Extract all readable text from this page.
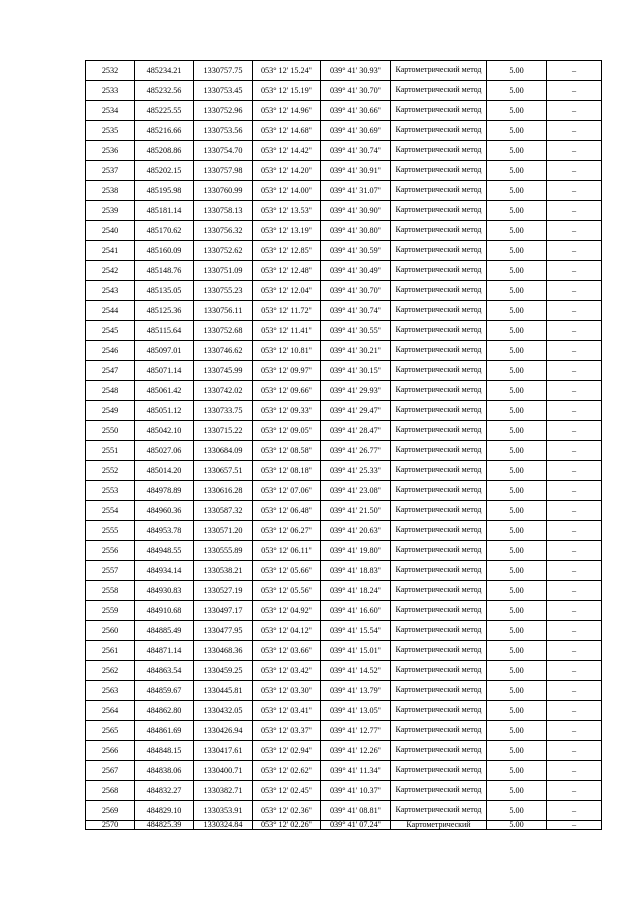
2532	485234.21	1330757.75	053° 12' 15.24"	039° 41' 30.93"	Картометрический метод	5.00	–
2533	485232.56	1330753.45	053° 12' 15.19"	039° 41' 30.70"	Картометрический метод	5.00	–
2534	485225.55	1330752.96	053° 12' 14.96"	039° 41' 30.66"	Картометрический метод	5.00	–
2535	485216.66	1330753.56	053° 12' 14.68"	039° 41' 30.69"	Картометрический метод	5.00	–
2536	485208.86	1330754.70	053° 12' 14.42"	039° 41' 30.74"	Картометрический метод	5.00	–
2537	485202.15	1330757.98	053° 12' 14.20"	039° 41' 30.91"	Картометрический метод	5.00	–
2538	485195.98	1330760.99	053° 12' 14.00"	039° 41' 31.07"	Картометрический метод	5.00	–
2539	485181.14	1330758.13	053° 12' 13.53"	039° 41' 30.90"	Картометрический метод	5.00	–
2540	485170.62	1330756.32	053° 12' 13.19"	039° 41' 30.80"	Картометрический метод	5.00	–
2541	485160.09	1330752.62	053° 12' 12.85"	039° 41' 30.59"	Картометрический метод	5.00	–
2542	485148.76	1330751.09	053° 12' 12.48"	039° 41' 30.49"	Картометрический метод	5.00	–
2543	485135.05	1330755.23	053° 12' 12.04"	039° 41' 30.70"	Картометрический метод	5.00	–
2544	485125.36	1330756.11	053° 12' 11.72"	039° 41' 30.74"	Картометрический метод	5.00	–
2545	485115.64	1330752.68	053° 12' 11.41"	039° 41' 30.55"	Картометрический метод	5.00	–
2546	485097.01	1330746.62	053° 12' 10.81"	039° 41' 30.21"	Картометрический метод	5.00	–
2547	485071.14	1330745.99	053° 12' 09.97"	039° 41' 30.15"	Картометрический метод	5.00	–
2548	485061.42	1330742.02	053° 12' 09.66"	039° 41' 29.93"	Картометрический метод	5.00	–
2549	485051.12	1330733.75	053° 12' 09.33"	039° 41' 29.47"	Картометрический метод	5.00	–
2550	485042.10	1330715.22	053° 12' 09.05"	039° 41' 28.47"	Картометрический метод	5.00	–
2551	485027.06	1330684.09	053° 12' 08.58"	039° 41' 26.77"	Картометрический метод	5.00	–
2552	485014.20	1330657.51	053° 12' 08.18"	039° 41' 25.33"	Картометрический метод	5.00	–
2553	484978.89	1330616.28	053° 12' 07.06"	039° 41' 23.08"	Картометрический метод	5.00	–
2554	484960.36	1330587.32	053° 12' 06.48"	039° 41' 21.50"	Картометрический метод	5.00	–
2555	484953.78	1330571.20	053° 12' 06.27"	039° 41' 20.63"	Картометрический метод	5.00	–
2556	484948.55	1330555.89	053° 12' 06.11"	039° 41' 19.80"	Картометрический метод	5.00	–
2557	484934.14	1330538.21	053° 12' 05.66"	039° 41' 18.83"	Картометрический метод	5.00	–
2558	484930.83	1330527.19	053° 12' 05.56"	039° 41' 18.24"	Картометрический метод	5.00	–
2559	484910.68	1330497.17	053° 12' 04.92"	039° 41' 16.60"	Картометрический метод	5.00	–
2560	484885.49	1330477.95	053° 12' 04.12"	039° 41' 15.54"	Картометрический метод	5.00	–
2561	484871.14	1330468.36	053° 12' 03.66"	039° 41' 15.01"	Картометрический метод	5.00	–
2562	484863.54	1330459.25	053° 12' 03.42"	039° 41' 14.52"	Картометрический метод	5.00	–
2563	484859.67	1330445.81	053° 12' 03.30"	039° 41' 13.79"	Картометрический метод	5.00	–
2564	484862.80	1330432.05	053° 12' 03.41"	039° 41' 13.05"	Картометрический метод	5.00	–
2565	484861.69	1330426.94	053° 12' 03.37"	039° 41' 12.77"	Картометрический метод	5.00	–
2566	484848.15	1330417.61	053° 12' 02.94"	039° 41' 12.26"	Картометрический метод	5.00	–
2567	484838.06	1330400.71	053° 12' 02.62"	039° 41' 11.34"	Картометрический метод	5.00	–
2568	484832.27	1330382.71	053° 12' 02.45"	039° 41' 10.37"	Картометрический метод	5.00	–
2569	484829.10	1330353.91	053° 12' 02.36"	039° 41' 08.81"	Картометрический метод	5.00	–
2570	484825.39	1330324.84	053° 12' 02.26"	039° 41' 07.24"	Картометрический	5.00	–
